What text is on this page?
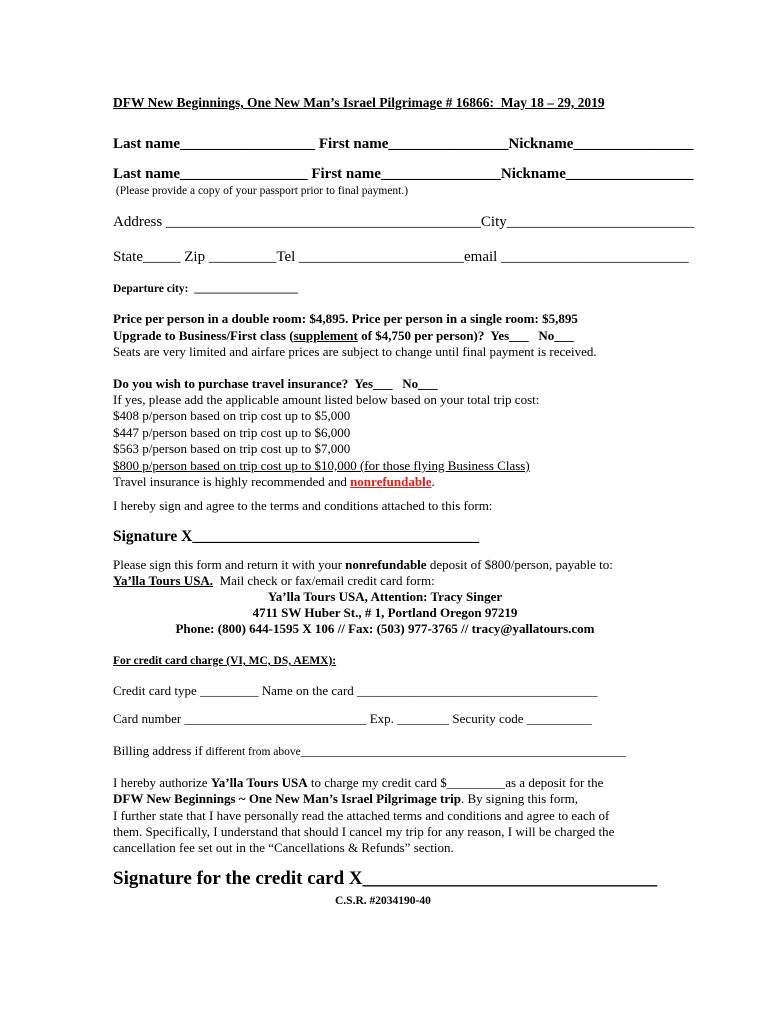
DFW New Beginnings, One New Man’s Israel Pilgrimage # 16866:  May 18 – 29, 2019
Last name__________________ First name________________Nickname________________
Last name_________________ First name________________Nickname_________________
(Please provide a copy of your passport prior to final payment.)
Address __________________________________________City_________________________
State_____ Zip _________Tel ______________________email _________________________
Departure city:  __________________
Price per person in a double room: $4,895. Price per person in a single room: $5,895
Upgrade to Business/First class (supplement of $4,750 per person)?  Yes___   No___
Seats are very limited and airfare prices are subject to change until final payment is received.
Do you wish to purchase travel insurance?  Yes___   No___
If yes, please add the applicable amount listed below based on your total trip cost:
$408 p/person based on trip cost up to $5,000
$447 p/person based on trip cost up to $6,000
$563 p/person based on trip cost up to $7,000
$800 p/person based on trip cost up to $10,000 (for those flying Business Class)
Travel insurance is highly recommended and nonrefundable.
I hereby sign and agree to the terms and conditions attached to this form:
Signature X_____________________________________
Please sign this form and return it with your nonrefundable deposit of $800/person, payable to:
Ya’lla Tours USA.  Mail check or fax/email credit card form:
Ya’lla Tours USA, Attention: Tracy Singer
4711 SW Huber St., # 1, Portland Oregon 97219
Phone: (800) 644-1595 X 106 // Fax: (503) 977-3765 // tracy@yallatours.com
For credit card charge (VI, MC, DS, AEMX):
Credit card type _________ Name on the card _____________________________________
Card number ____________________________ Exp. ________ Security code __________
Billing address if different from above__________________________________________________
I hereby authorize Ya’lla Tours USA to charge my credit card $_________as a deposit for the
DFW New Beginnings ~ One New Man’s Israel Pilgrimage trip. By signing this form,
I further state that I have personally read the attached terms and conditions and agree to each of
them. Specifically, I understand that should I cancel my trip for any reason, I will be charged the
cancellation fee set out in the “Cancellations & Refunds” section.
Signature for the credit card X_______________________________
C.S.R. #2034190-40
